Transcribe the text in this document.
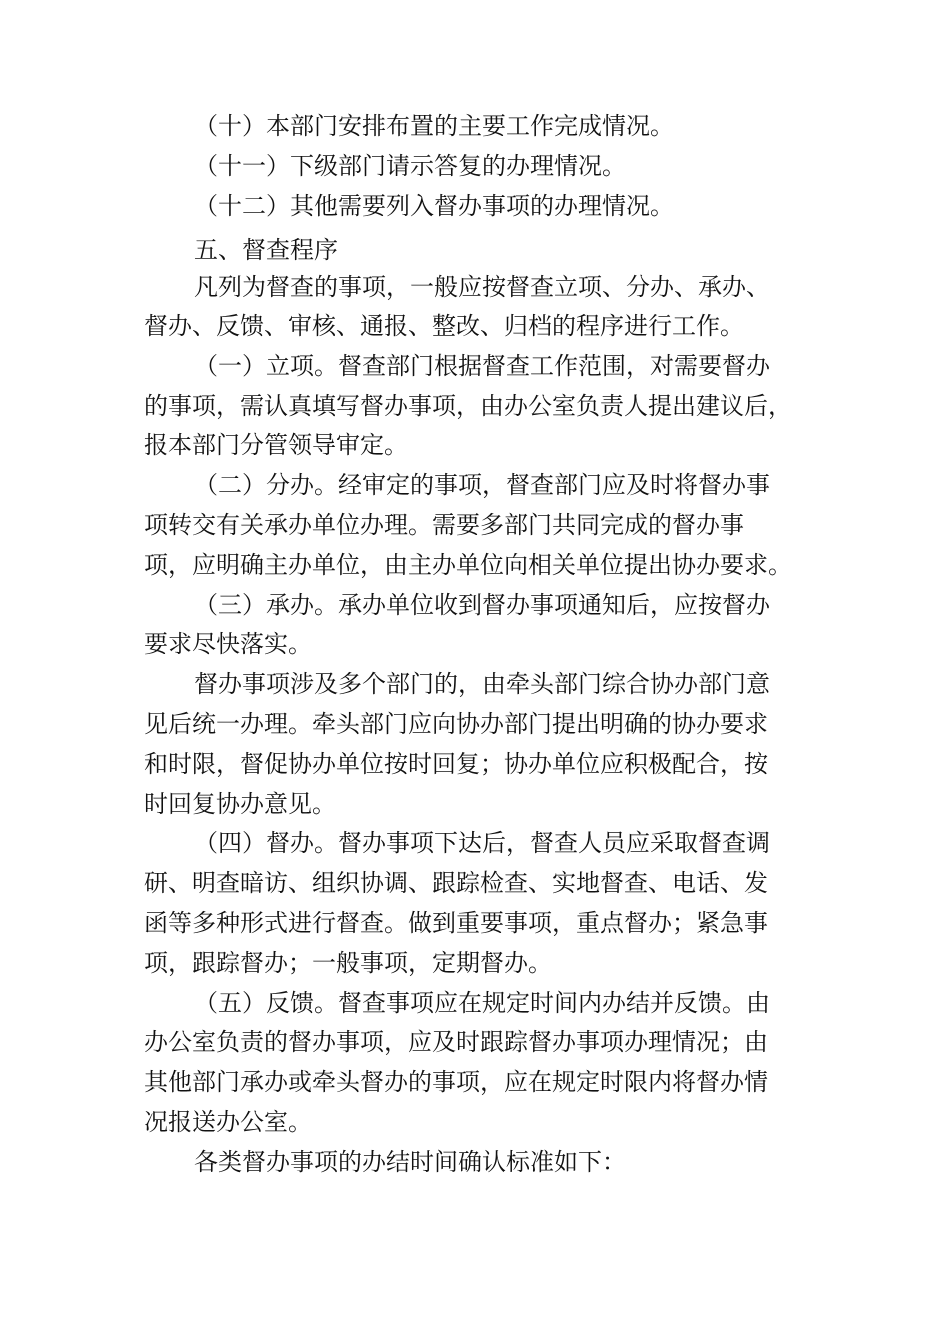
（十）本部门安排布置的主要工作完成情况。
（十一）下级部门请示答复的办理情况。
（十二）其他需要列入督办事项的办理情况。
五、督查程序
凡列为督查的事项，一般应按督查立项、分办、承办、
督办、反馈、审核、通报、整改、归档的程序进行工作。
（一）立项。督查部门根据督查工作范围，对需要督办
的事项，需认真填写督办事项，由办公室负责人提出建议后，
报本部门分管领导审定。
（二）分办。经审定的事项，督查部门应及时将督办事
项转交有关承办单位办理。需要多部门共同完成的督办事
项，应明确主办单位，由主办单位向相关单位提出协办要求。
（三）承办。承办单位收到督办事项通知后，应按督办
要求尽快落实。
督办事项涉及多个部门的，由牵头部门综合协办部门意
见后统一办理。牵头部门应向协办部门提出明确的协办要求
和时限，督促协办单位按时回复；协办单位应积极配合，按
时回复协办意见。
（四）督办。督办事项下达后，督查人员应采取督查调
研、明查暗访、组织协调、跟踪检查、实地督查、电话、发
函等多种形式进行督查。做到重要事项，重点督办；紧急事
项，跟踪督办；一般事项，定期督办。
（五）反馈。督查事项应在规定时间内办结并反馈。由
办公室负责的督办事项，应及时跟踪督办事项办理情况；由
其他部门承办或牵头督办的事项，应在规定时限内将督办情
况报送办公室。
各类督办事项的办结时间确认标准如下：
